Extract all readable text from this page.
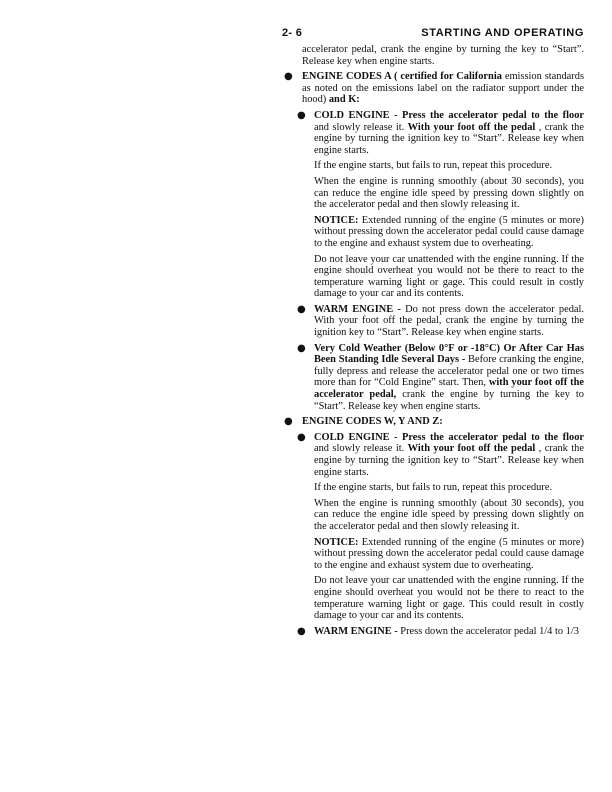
2- 6	STARTING AND OPERATING
accelerator pedal, crank the engine by turning the key to “Start”. Release key when engine starts.
● ENGINE CODES A ( certified for California emission standards as noted on the emissions label on the radiator support under the hood) and K:
● COLD ENGINE - Press the accelerator pedal to the floor and slowly release it. With your foot off the pedal , crank the engine by turning the ignition key to “Start”. Release key when engine starts.
If the engine starts, but fails to run, repeat this procedure.
When the engine is running smoothly (about 30 seconds), you can reduce the engine idle speed by pressing down slightly on the accelerator pedal and then slowly releasing it.
NOTICE: Extended running of the engine (5 minutes or more) without pressing down the accelerator pedal could cause damage to the engine and exhaust system due to overheating.
Do not leave your car unattended with the engine running. If the engine should overheat you would not be there to react to the temperature warning light or gage. This could result in costly damage to your car and its contents.
● WARM ENGINE - Do not press down the accelerator pedal. With your foot off the pedal, crank the engine by turning the ignition key to “Start”. Release key when engine starts.
● Very Cold Weather (Below 0°F or -18°C) Or After Car Has Been Standing Idle Several Days - Before cranking the engine, fully depress and release the accelerator pedal one or two times more than for “Cold Engine” start. Then, with your foot off the accelerator pedal, crank the engine by turning the key to “Start”. Release key when engine starts.
● ENGINE CODES W, Y AND Z:
● COLD ENGINE - Press the accelerator pedal to the floor and slowly release it. With your foot off the pedal , crank the engine by turning the ignition key to “Start”. Release key when engine starts.
If the engine starts, but fails to run, repeat this procedure.
When the engine is running smoothly (about 30 seconds), you can reduce the engine idle speed by pressing down slightly on the accelerator pedal and then slowly releasing it.
NOTICE: Extended running of the engine (5 minutes or more) without pressing down the accelerator pedal could cause damage to the engine and exhaust system due to overheating.
Do not leave your car unattended with the engine running. If the engine should overheat you would not be there to react to the temperature warning light or gage. This could result in costly damage to your car and its contents.
● WARM ENGINE - Press down the accelerator pedal 1/4 to 1/3
